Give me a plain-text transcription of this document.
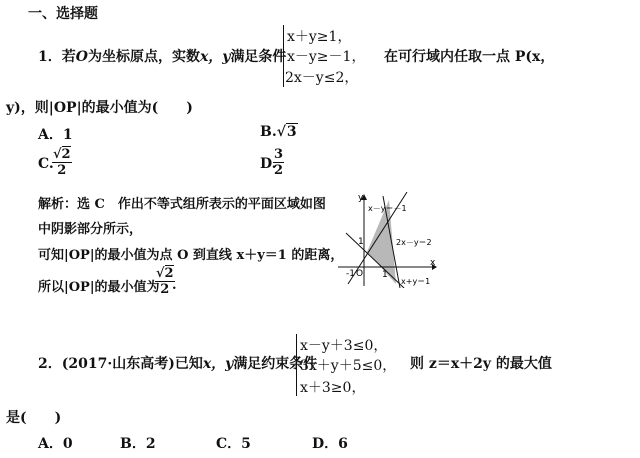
一、选择题
1．若O为坐标原点，实数x，y满足条件
x＋y≥1，
x－y≥－1，
2x－y≤2，
在可行域内任取一点 P(x，
y)，则|OP|的最小值为(　　)
A．1	B.√3
C.
$\frac{√2}{2}$	D.
$\frac{3}{2}$
解析：选 C　作出不等式组所表示的平面区域如图
中阴影部分所示，
可知|OP|的最小值为点 O 到直线 x＋y＝1 的距离，
所以|OP|的最小值为
$\frac{√2}{2}$
.
y
x
O 1
-1
1
x－y＝－1
2x－y＝2
x+y＝1
2．(2017·山东高考)已知x，y满足约束条件
x－y＋3≤0，
3x＋y＋5≤0，
x＋3≥0，
则 z＝x＋2y 的最大值
是(　　)
A．0	B．2	C．5	D．6
